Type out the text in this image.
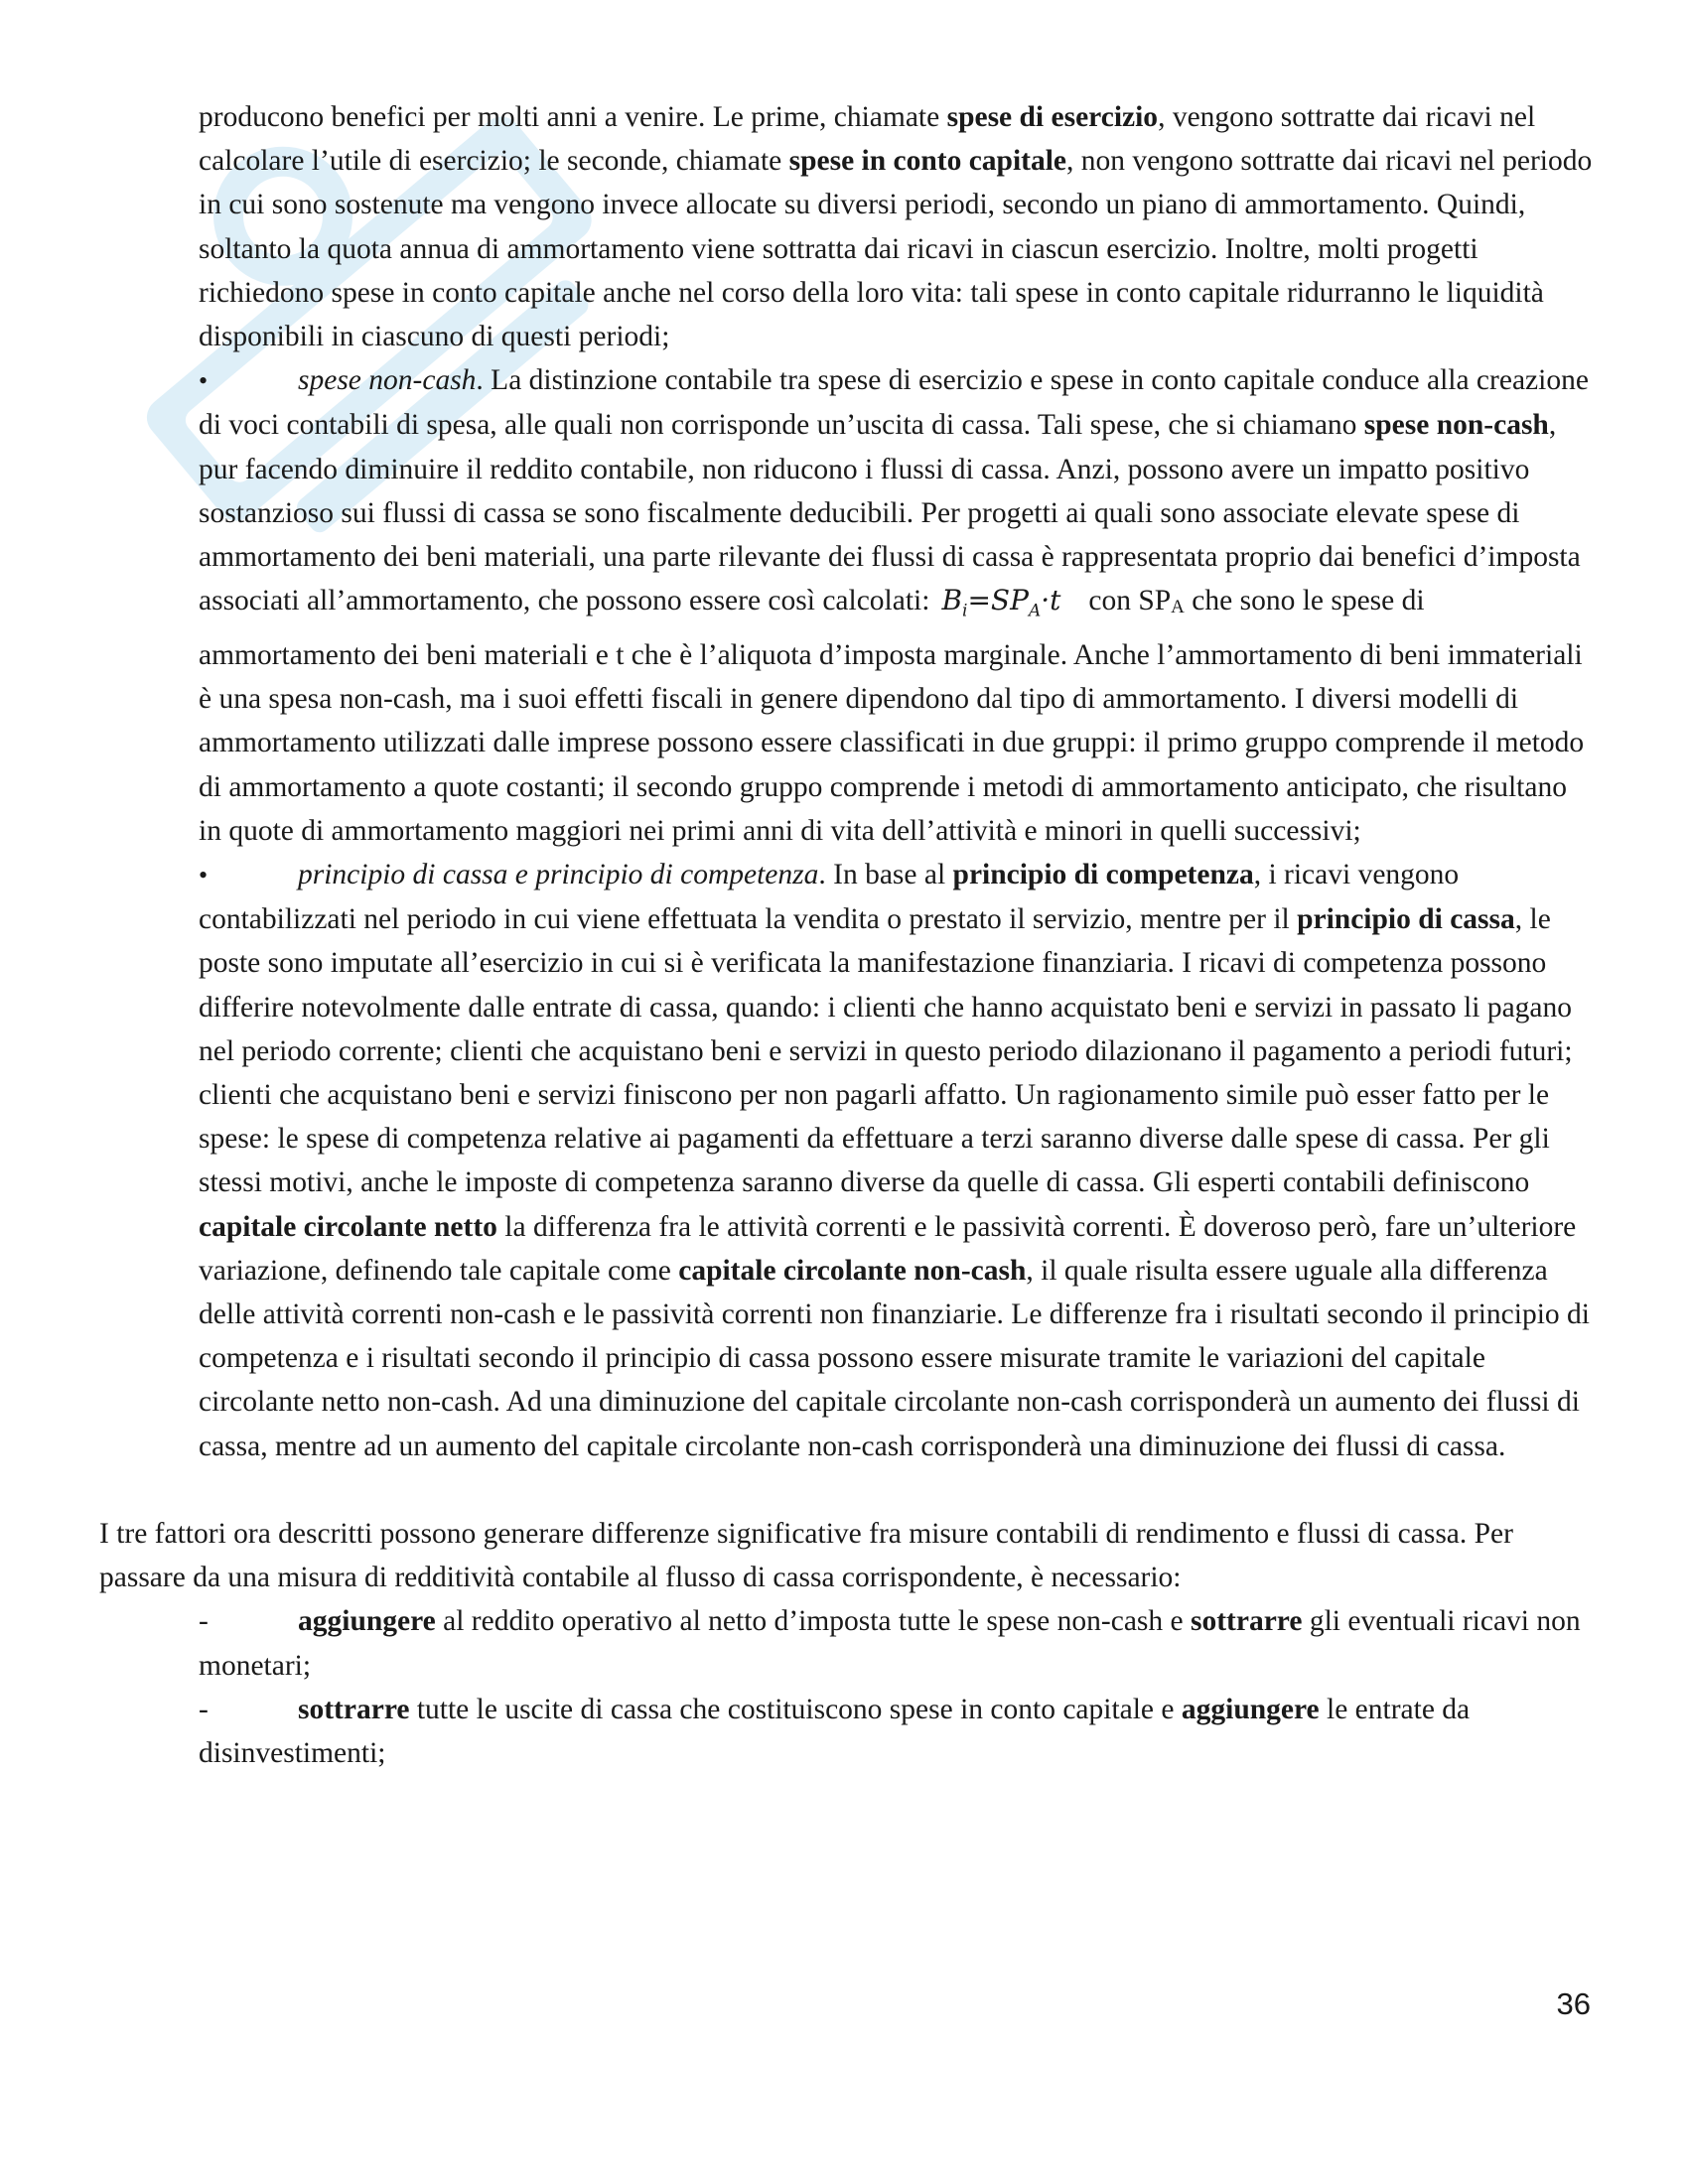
producono benefici per molti anni a venire. Le prime, chiamate spese di esercizio, vengono sottratte dai ricavi nel calcolare l’utile di esercizio; le seconde, chiamate spese in conto capitale, non vengono sottratte dai ricavi nel periodo in cui sono sostenute ma vengono invece allocate su diversi periodi, secondo un piano di ammortamento. Quindi, soltanto la quota annua di ammortamento viene sottratta dai ricavi in ciascun esercizio. Inoltre, molti progetti richiedono spese in conto capitale anche nel corso della loro vita: tali spese in conto capitale ridurranno le liquidità disponibili in ciascuno di questi periodi;

•	spese non-cash. La distinzione contabile tra spese di esercizio e spese in conto capitale conduce alla creazione di voci contabili di spesa, alle quali non corrisponde un’uscita di cassa. Tali spese, che si chiamano spese non-cash, pur facendo diminuire il reddito contabile, non riducono i flussi di cassa. Anzi, possono avere un impatto positivo sostanzioso sui flussi di cassa se sono fiscalmente deducibili. Per progetti ai quali sono associate elevate spese di ammortamento dei beni materiali, una parte rilevante dei flussi di cassa è rappresentata proprio dai benefici d’imposta associati all’ammortamento, che possono essere così calcolati: $B_i=SP_A\cdot t$ con SPA che sono le spese di ammortamento dei beni materiali e t che è l’aliquota d’imposta marginale. Anche l’ammortamento di beni immateriali è una spesa non-cash, ma i suoi effetti fiscali in genere dipendono dal tipo di ammortamento. I diversi modelli di ammortamento utilizzati dalle imprese possono essere classificati in due gruppi: il primo gruppo comprende il metodo di ammortamento a quote costanti; il secondo gruppo comprende i metodi di ammortamento anticipato, che risultano in quote di ammortamento maggiori nei primi anni di vita dell’attività e minori in quelli successivi;

•	principio di cassa e principio di competenza. In base al principio di competenza, i ricavi vengono contabilizzati nel periodo in cui viene effettuata la vendita o prestato il servizio, mentre per il principio di cassa, le poste sono imputate all’esercizio in cui si è verificata la manifestazione finanziaria. I ricavi di competenza possono differire notevolmente dalle entrate di cassa, quando: i clienti che hanno acquistato beni e servizi in passato li pagano nel periodo corrente; clienti che acquistano beni e servizi in questo periodo dilazionano il pagamento a periodi futuri; clienti che acquistano beni e servizi finiscono per non pagarli affatto. Un ragionamento simile può esser fatto per le spese: le spese di competenza relative ai pagamenti da effettuare a terzi saranno diverse dalle spese di cassa. Per gli stessi motivi, anche le imposte di competenza saranno diverse da quelle di cassa. Gli esperti contabili definiscono capitale circolante netto la differenza fra le attività correnti e le passività correnti. È doveroso però, fare un’ulteriore variazione, definendo tale capitale come capitale circolante non-cash, il quale risulta essere uguale alla differenza delle attività correnti non-cash e le passività correnti non finanziarie. Le differenze fra i risultati secondo il principio di competenza e i risultati secondo il principio di cassa possono essere misurate tramite le variazioni del capitale circolante netto non-cash. Ad una diminuzione del capitale circolante non-cash corrisponderà un aumento dei flussi di cassa, mentre ad un aumento del capitale circolante non-cash corrisponderà una diminuzione dei flussi di cassa.

I tre fattori ora descritti possono generare differenze significative fra misure contabili di rendimento e flussi di cassa. Per passare da una misura di redditività contabile al flusso di cassa corrispondente, è necessario:

-	aggiungere al reddito operativo al netto d’imposta tutte le spese non-cash e sottrarre gli eventuali ricavi non monetari;

-	sottrarre tutte le uscite di cassa che costituiscono spese in conto capitale e aggiungere le entrate da disinvestimenti;

36
